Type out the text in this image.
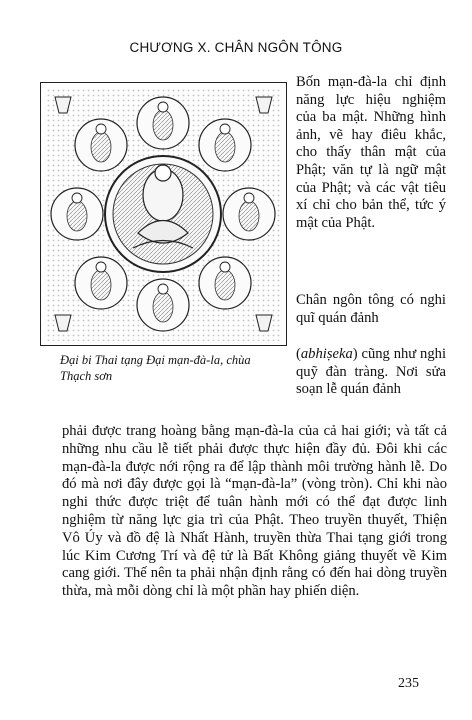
CHƯƠNG X. CHÂN NGÔN TÔNG
Đại bi Thai tạng Đại mạn-đà-la, chùa Thạch sơn

Bốn mạn-đà-la chỉ định năng lực hiệu nghiệm của ba mật. Những hình ảnh, vẽ hay điêu khắc, cho thấy thân mật của Phật; văn tự là ngữ mật của Phật; và các vật tiêu xí chỉ cho bản thể, tức ý mật của Phật.

Chân ngôn tông có nghi quĩ quán đảnh

(abhiṣeka) cũng như nghi quỹ đàn tràng. Nơi sửa soạn lễ quán đảnh

phải được trang hoàng bằng mạn-đà-la của cả hai giới; và tất cả những nhu cầu lễ tiết phải được thực hiện đầy đủ. Đôi khi các mạn-đà-la được nới rộng ra để lập thành môi trường hành lễ. Do đó mà nơi đây được gọi là “mạn-đà-la” (vòng tròn). Chỉ khi nào nghi thức được triệt để tuân hành mới có thể đạt được linh nghiệm từ năng lực gia trì của Phật. Theo truyền thuyết, Thiện Vô Úy và đồ đệ là Nhất Hành, truyền thừa Thai tạng giới trong lúc Kim Cương Trí và đệ tử là Bất Không giảng thuyết về Kim cang giới. Thế nên ta phải nhận định rằng có đến hai dòng truyền thừa, mà mỗi dòng chỉ là một phần hay phiến diện.

235
